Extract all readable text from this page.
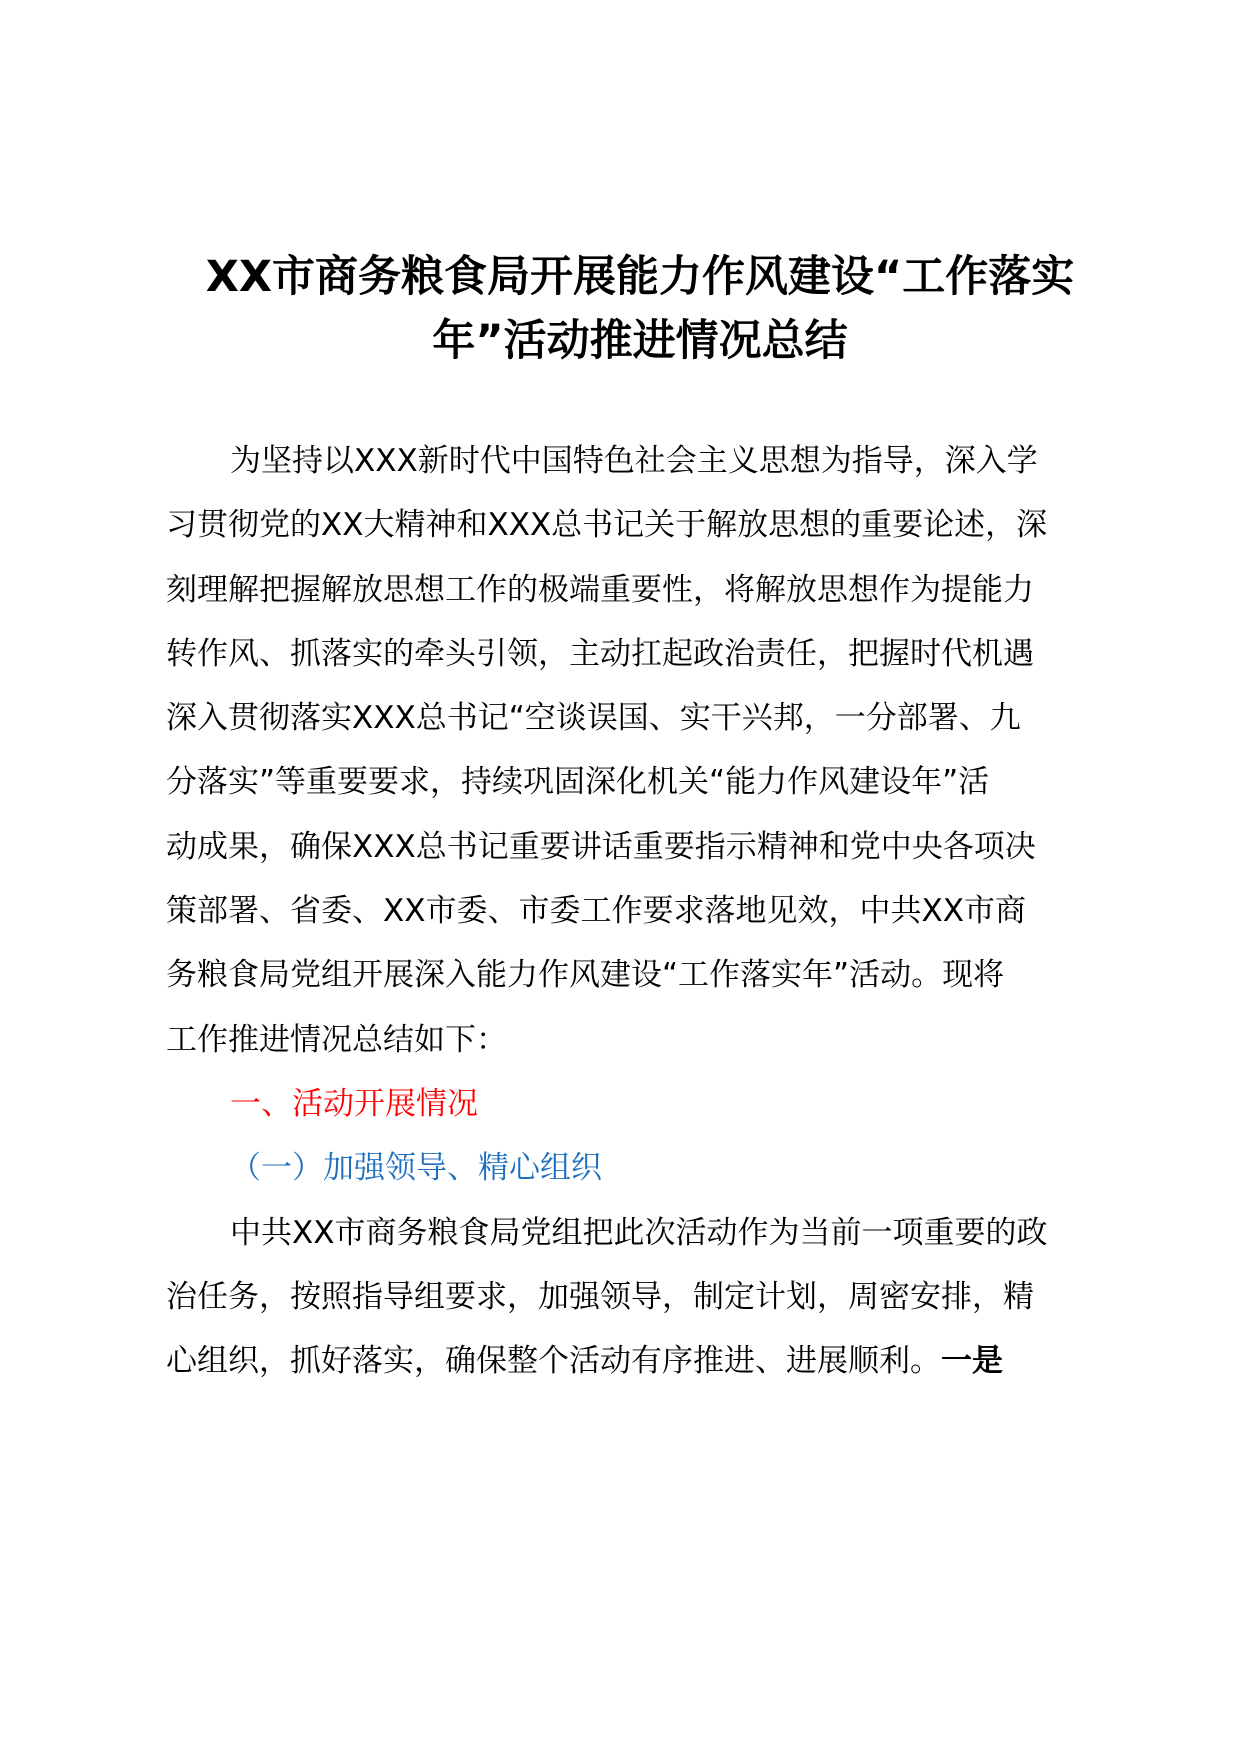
XX市商务粮食局开展能力作风建设“工作落实
年”活动推进情况总结
为坚持以XXX新时代中国特色社会主义思想为指导，深入学
习贯彻党的XX大精神和XXX总书记关于解放思想的重要论述，深
刻理解把握解放思想工作的极端重要性，将解放思想作为提能力
转作风、抓落实的牵头引领，主动扛起政治责任，把握时代机遇
深入贯彻落实XXX总书记“空谈误国、实干兴邦，一分部署、九
分落实”等重要要求，持续巩固深化机关“能力作风建设年”活
动成果，确保XXX总书记重要讲话重要指示精神和党中央各项决
策部署、省委、XX市委、市委工作要求落地见效，中共XX市商
务粮食局党组开展深入能力作风建设“工作落实年”活动。现将
工作推进情况总结如下：
一、活动开展情况
（一）加强领导、精心组织
中共XX市商务粮食局党组把此次活动作为当前一项重要的政
治任务，按照指导组要求，加强领导，制定计划，周密安排，精
心组织，抓好落实，确保整个活动有序推进、进展顺利。一是
